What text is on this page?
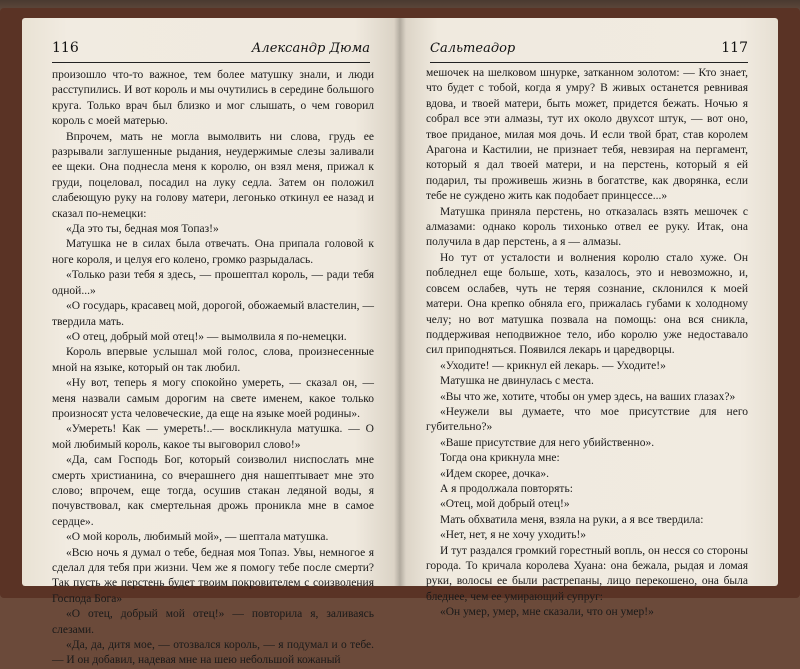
116	Александр Дюма

произошло что-то важное, тем более матушку знали, и люди расступились. И вот король и мы очутились в середине большого круга. Только врач был близко и мог слышать, о чем говорил король с моей матерью.

Впрочем, мать не могла вымолвить ни слова, грудь ее разрывали заглушенные рыдания, неудержимые слезы заливали ее щеки. Она поднесла меня к королю, он взял меня, прижал к груди, поцеловал, посадил на луку седла. Затем он положил слабеющую руку на голову матери, легонько откинул ее назад и сказал по-немецки:

«Да это ты, бедная моя Топаз!»

Матушка не в силах была отвечать. Она припала головой к ноге короля, и целуя его колено, громко разрыдалась.

«Только рази тебя я здесь, — прошептал король, — ради тебя одной...»

«О государь, красавец мой, дорогой, обожаемый властелин, — твердила мать.

«О отец, добрый мой отец!» — вымолвила я по-немецки.

Король впервые услышал мой голос, слова, произнесенные мной на языке, который он так любил.

«Ну вот, теперь я могу спокойно умереть, — сказал он, — меня назвали самым дорогим на свете именем, какое только произносят уста человеческие, да еще на языке моей родины».

«Умереть! Как — умереть!..— воскликнула матушка. — О мой любимый король, какое ты выговорил слово!»

«Да, сам Господь Бог, который соизволил ниспослать мне смерть христианина, со вчерашнего дня нашептывает мне это слово; впрочем, еще тогда, осушив стакан ледяной воды, я почувствовал, как смертельная дрожь проникла мне в самое сердце».

«О мой король, любимый мой», — шептала матушка.

«Всю ночь я думал о тебе, бедная моя Топаз. Увы, немногое я сделал для тебя при жизни. Чем же я помогу тебе после смерти? Так пусть же перстень будет твоим покровителем с соизволения Господа Бога»

«О отец, добрый мой отец!» — повторила я, заливаясь слезами.

«Да, да, дитя мое, — отозвался король, — я подумал и о тебе. — И он добавил, надевая мне на шею небольшой кожаный

Сальтеадор	117

мешочек на шелковом шнурке, затканном золотом: — Кто знает, что будет с тобой, когда я умру? В живых останется ревнивая вдова, и твоей матери, быть может, придется бежать. Ночью я собрал все эти алмазы, тут их около двухсот штук, — вот оно, твое приданое, милая моя дочь. И если твой брат, став королем Арагона и Кастилии, не признает тебя, невзирая на пергамент, который я дал твоей матери, и на перстень, который я ей подарил, ты проживешь жизнь в богатстве, как дворянка, если тебе не суждено жить как подобает принцессе...»

Матушка приняла перстень, но отказалась взять мешочек с алмазами: однако король тихонько отвел ее руку. Итак, она получила в дар перстень, а я — алмазы.

Но тут от усталости и волнения королю стало хуже. Он побледнел еще больше, хоть, казалось, это и невозможно, и, совсем ослабев, чуть не теряя сознание, склонился к моей матери. Она крепко обняла его, прижалась губами к холодному челу; но вот матушка позвала на помощь: она вся сникла, поддерживая неподвижное тело, ибо королю уже недоставало сил приподняться. Появился лекарь и царедворцы.

«Уходите! — крикнул ей лекарь. — Уходите!»

Матушка не двинулась с места.

«Вы что же, хотите, чтобы он умер здесь, на ваших глазах?»

«Неужели вы думаете, что мое присутствие для него губительно?»

«Ваше присутствие для него убийственно».

Тогда она крикнула мне:

«Идем скорее, дочка».

А я продолжала повторять:

«Отец, мой добрый отец!»

Мать обхватила меня, взяла на руки, а я все твердила:

«Нет, нет, я не хочу уходить!»

И тут раздался громкий горестный вопль, он несся со стороны города. То кричала королева Хуана: она бежала, рыдая и ломая руки, волосы ее были растрепаны, лицо перекошено, она была бледнее, чем ее умирающий супруг:

«Он умер, умер, мне сказали, что он умер!»
